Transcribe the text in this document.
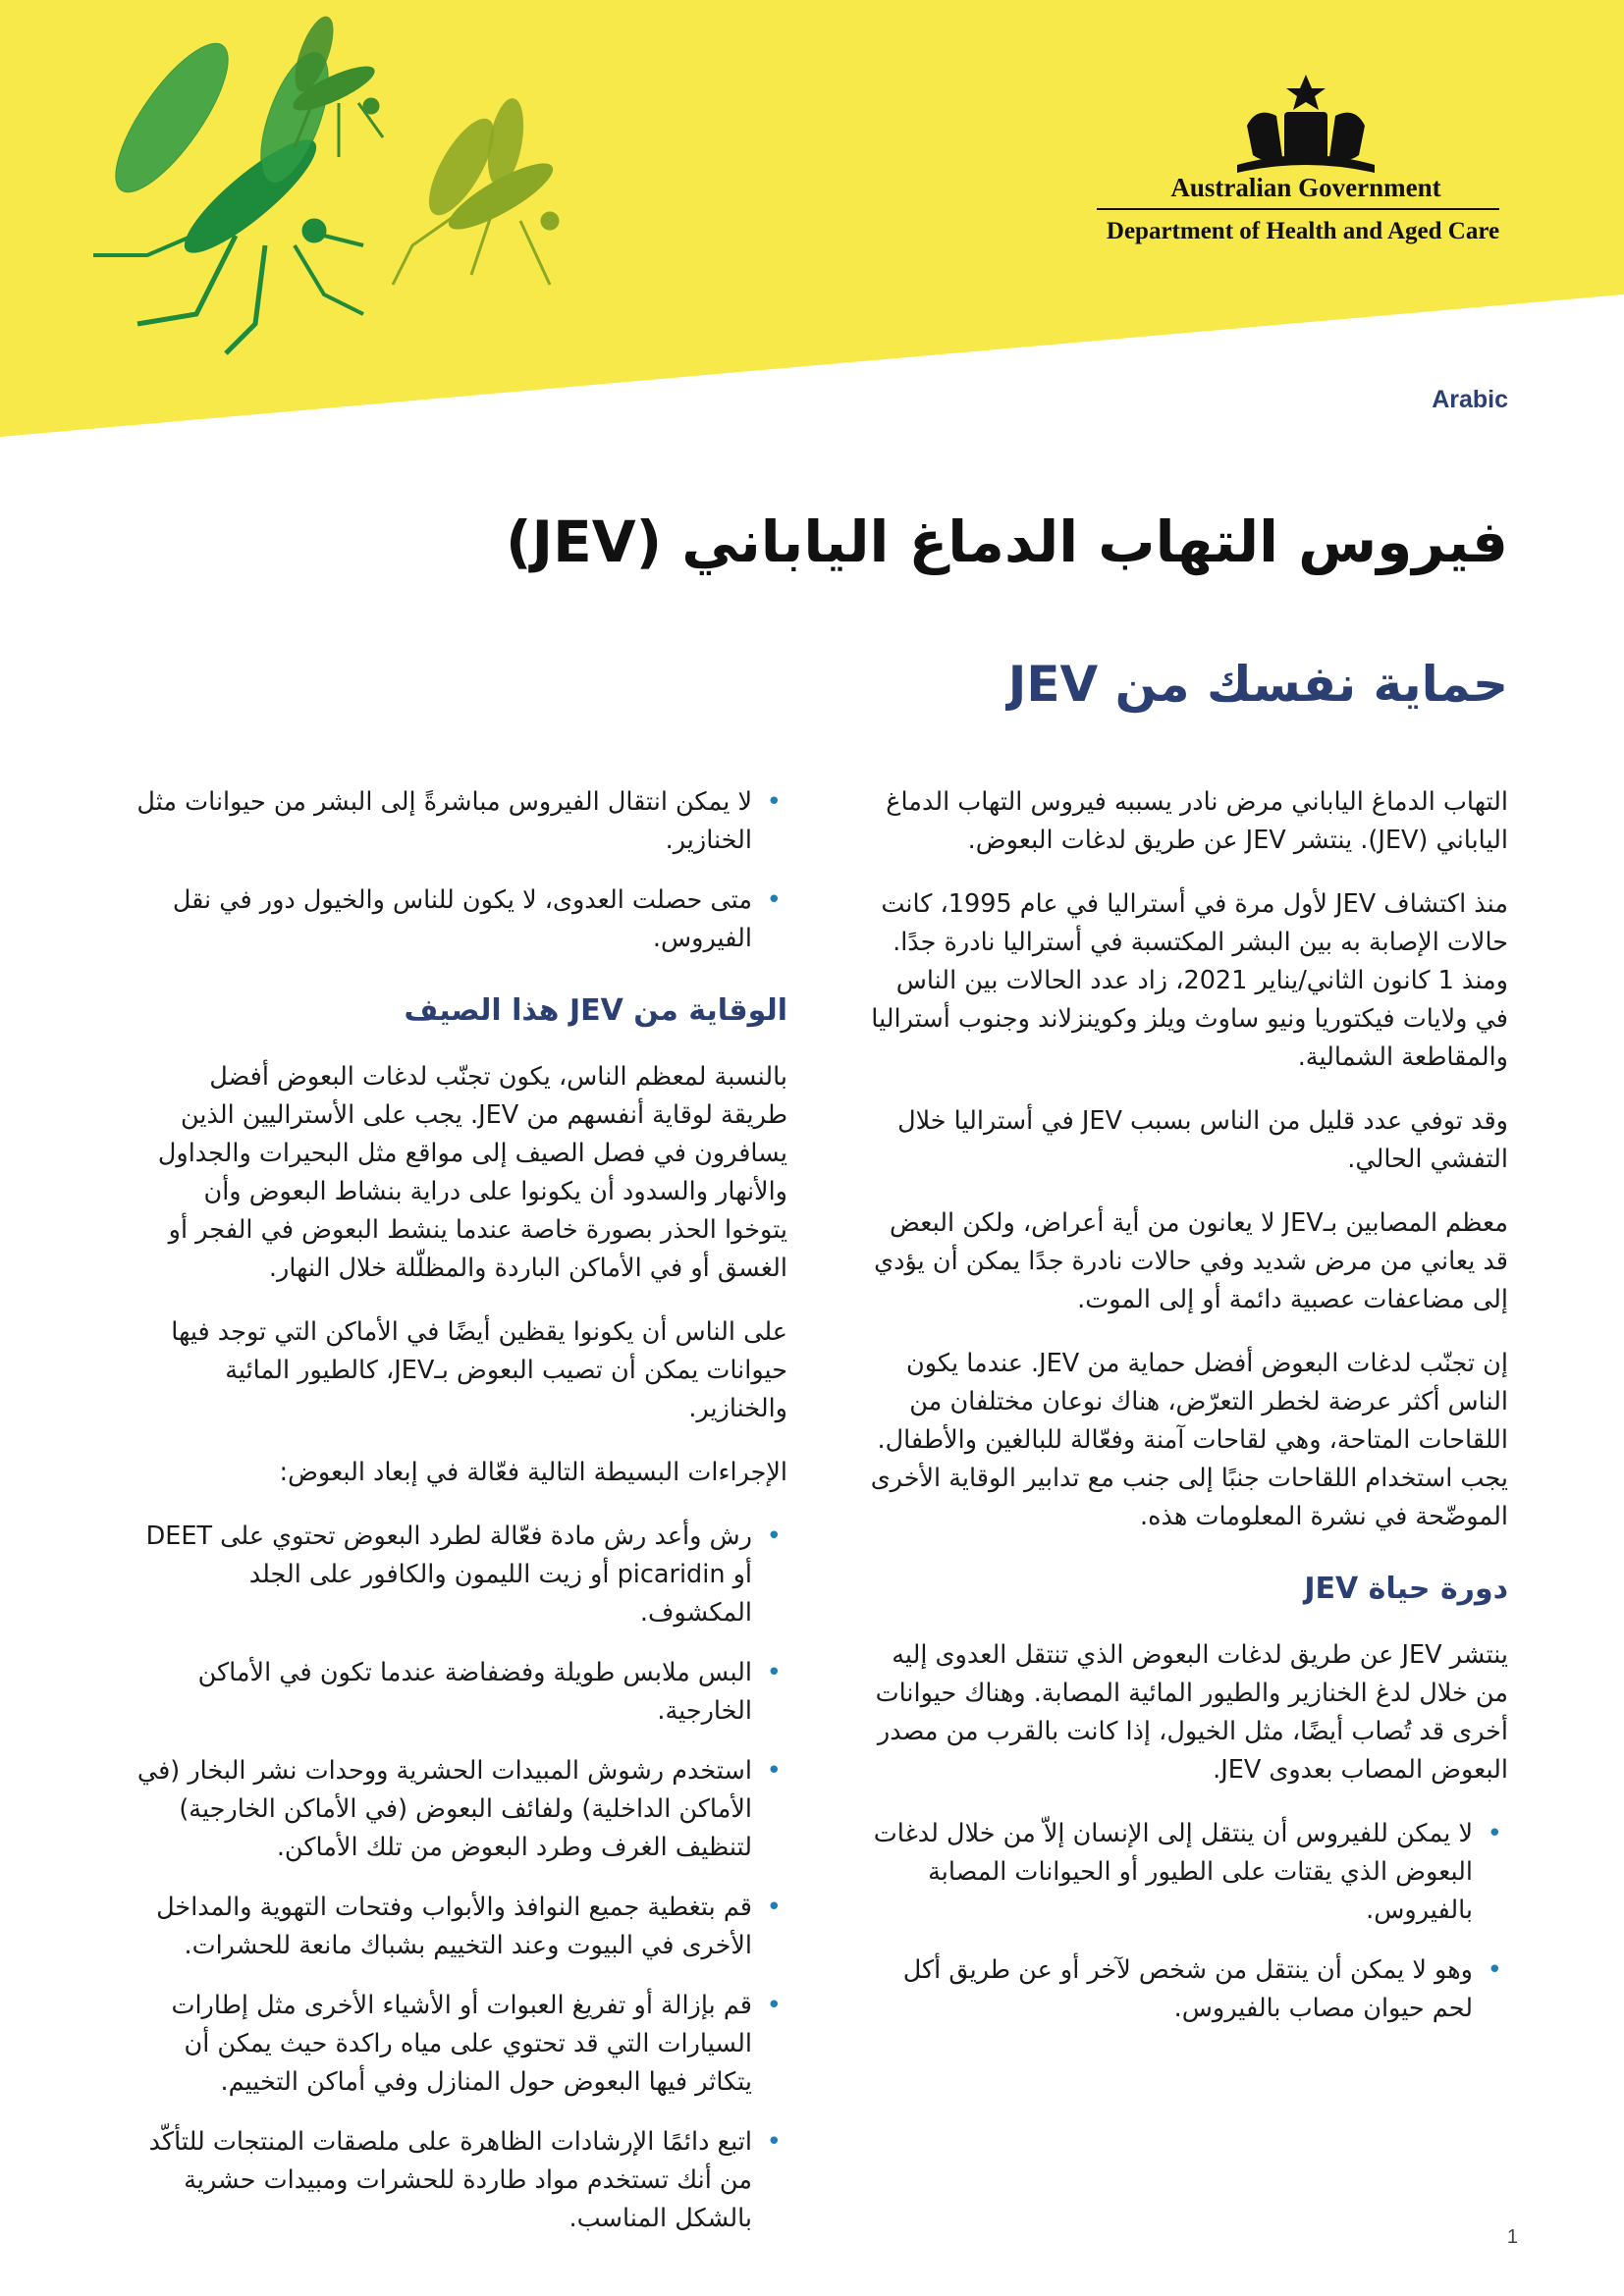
Australian Government
Department of Health and Aged Care
Arabic
فيروس التهاب الدماغ الياباني (JEV)
حماية نفسك من JEV

التهاب الدماغ الياباني مرض نادر يسببه فيروس التهاب الدماغ الياباني (JEV). ينتشر JEV عن طريق لدغات البعوض.

منذ اكتشاف JEV لأول مرة في أستراليا في عام 1995، كانت حالات الإصابة به بين البشر المكتسبة في أستراليا نادرة جدًا. ومنذ 1 كانون الثاني/يناير 2021، زاد عدد الحالات بين الناس في ولايات فيكتوريا ونيو ساوث ويلز وكوينزلاند وجنوب أستراليا والمقاطعة الشمالية.

وقد توفي عدد قليل من الناس بسبب JEV في أستراليا خلال التفشي الحالي.

معظم المصابين بـJEV لا يعانون من أية أعراض، ولكن البعض قد يعاني من مرض شديد وفي حالات نادرة جدًا يمكن أن يؤدي إلى مضاعفات عصبية دائمة أو إلى الموت.

إن تجنّب لدغات البعوض أفضل حماية من JEV. عندما يكون الناس أكثر عرضة لخطر التعرّض، هناك نوعان مختلفان من اللقاحات المتاحة، وهي لقاحات آمنة وفعّالة للبالغين والأطفال. يجب استخدام اللقاحات جنبًا إلى جنب مع تدابير الوقاية الأخرى الموضّحة في نشرة المعلومات هذه.

دورة حياة JEV

ينتشر JEV عن طريق لدغات البعوض الذي تنتقل العدوى إليه من خلال لدغ الخنازير والطيور المائية المصابة. وهناك حيوانات أخرى قد تُصاب أيضًا، مثل الخيول، إذا كانت بالقرب من مصدر البعوض المصاب بعدوى JEV.

•
لا يمكن للفيروس أن ينتقل إلى الإنسان إلاّ من خلال لدغات البعوض الذي يقتات على الطيور أو الحيوانات المصابة بالفيروس.
•
وهو لا يمكن أن ينتقل من شخص لآخر أو عن طريق أكل لحم حيوان مصاب بالفيروس.
•
لا يمكن انتقال الفيروس مباشرةً إلى البشر من حيوانات مثل الخنازير.
•
متى حصلت العدوى، لا يكون للناس والخيول دور في نقل الفيروس.
الوقاية من JEV هذا الصيف

بالنسبة لمعظم الناس، يكون تجنّب لدغات البعوض أفضل طريقة لوقاية أنفسهم من JEV. يجب على الأستراليين الذين يسافرون في فصل الصيف إلى مواقع مثل البحيرات والجداول والأنهار والسدود أن يكونوا على دراية بنشاط البعوض وأن يتوخوا الحذر بصورة خاصة عندما ينشط البعوض في الفجر أو الغسق أو في الأماكن الباردة والمظلّلة خلال النهار.

على الناس أن يكونوا يقظين أيضًا في الأماكن التي توجد فيها حيوانات يمكن أن تصيب البعوض بـJEV، كالطيور المائية والخنازير.

الإجراءات البسيطة التالية فعّالة في إبعاد البعوض:

•
رش وأعد رش مادة فعّالة لطرد البعوض تحتوي على DEET أو picaridin أو زيت الليمون والكافور على الجلد المكشوف.
•
البس ملابس طويلة وفضفاضة عندما تكون في الأماكن الخارجية.
•
استخدم رشوش المبيدات الحشرية ووحدات نشر البخار (في الأماكن الداخلية) ولفائف البعوض (في الأماكن الخارجية) لتنظيف الغرف وطرد البعوض من تلك الأماكن.
•
قم بتغطية جميع النوافذ والأبواب وفتحات التهوية والمداخل الأخرى في البيوت وعند التخييم بشباك مانعة للحشرات.
•
قم بإزالة أو تفريغ العبوات أو الأشياء الأخرى مثل إطارات السيارات التي قد تحتوي على مياه راكدة حيث يمكن أن يتكاثر فيها البعوض حول المنازل وفي أماكن التخييم.
•
اتبع دائمًا الإرشادات الظاهرة على ملصقات المنتجات للتأكّد من أنك تستخدم مواد طاردة للحشرات ومبيدات حشرية بالشكل المناسب.
1
